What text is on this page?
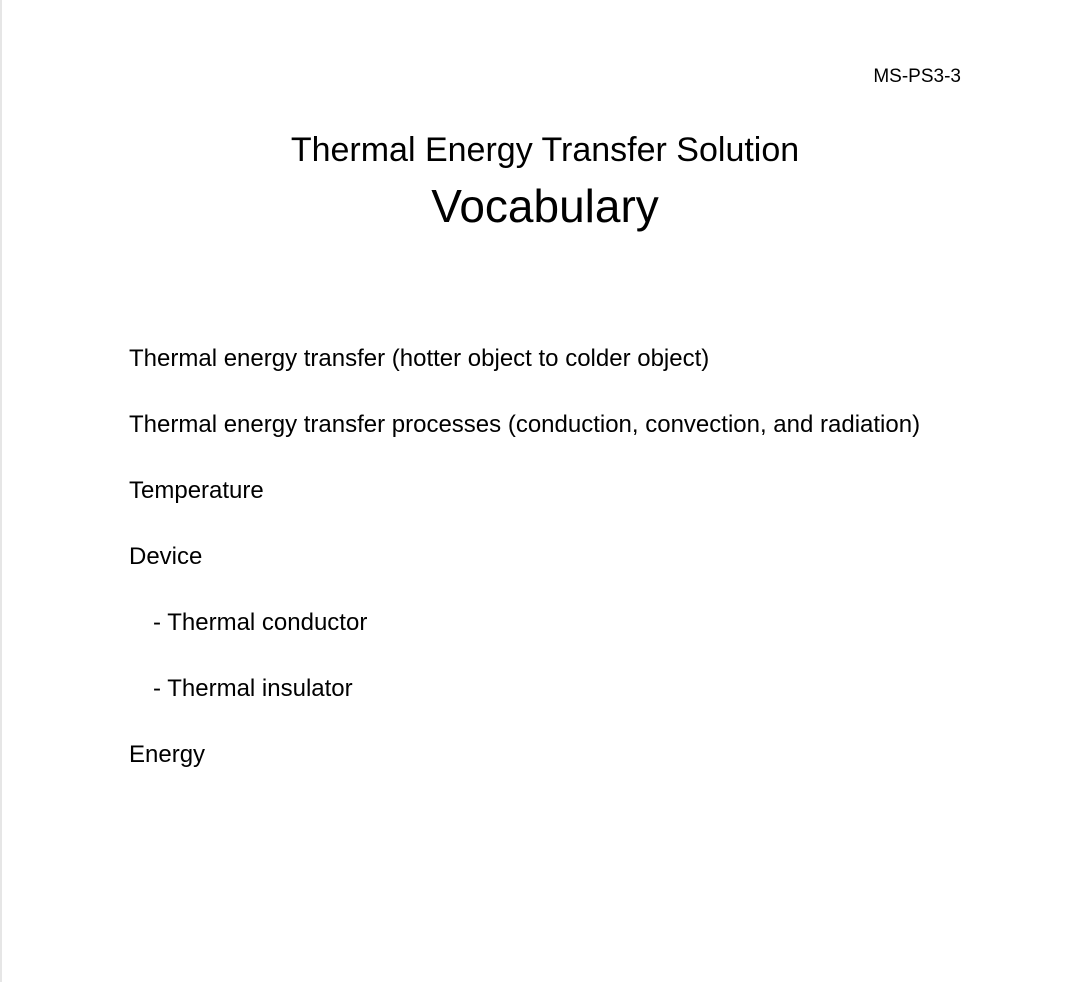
MS-PS3-3
Thermal Energy Transfer Solution
Vocabulary
Thermal energy transfer (hotter object to colder object)
Thermal energy transfer processes (conduction, convection, and radiation)
Temperature
Device
- Thermal conductor
- Thermal insulator
Energy
